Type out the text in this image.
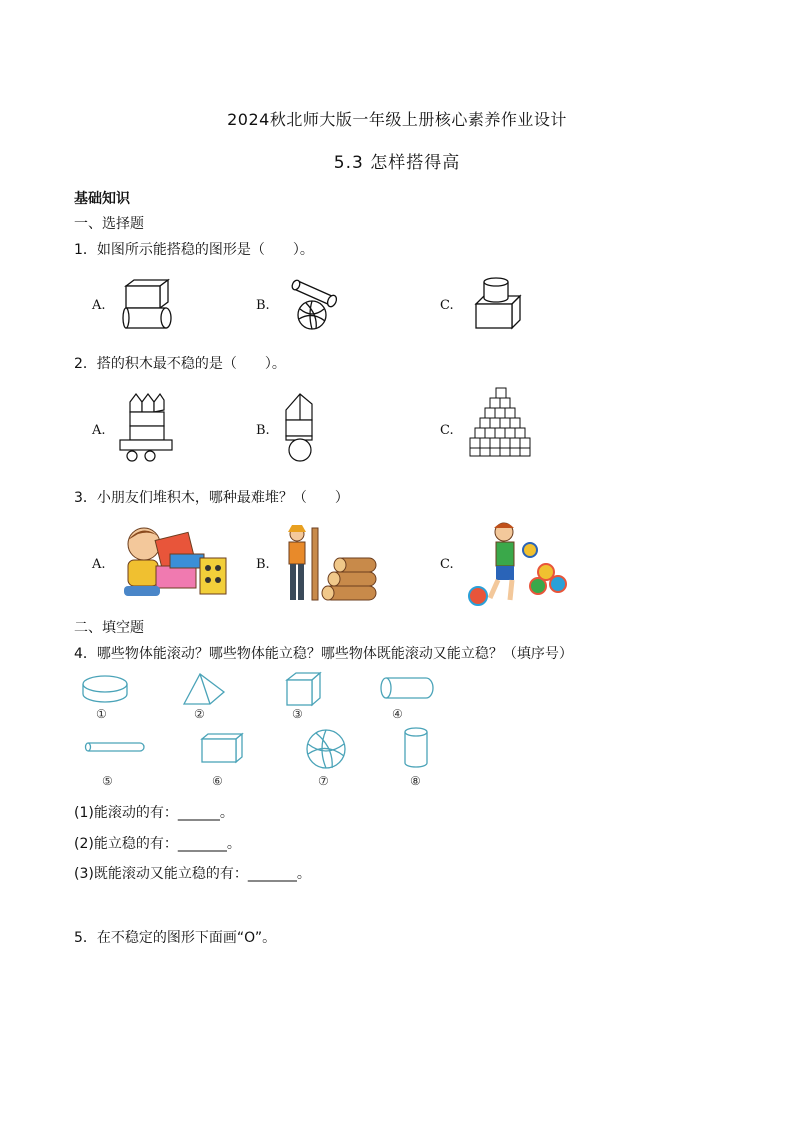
2024秋北师大版一年级上册核心素养作业设计
5.3 怎样搭得高
基础知识
一、选择题
1．如图所示能搭稳的图形是（　　）。
A.	B.	C.
2．搭的积木最不稳的是（　　）。
A.	B.	C.
3．小朋友们堆积木，哪种最难堆？（　　）
A.	B.	C.
二、填空题
4．哪些物体能滚动？哪些物体能立稳？哪些物体既能滚动又能立稳？（填序号）
①	②	③	④
⑤	⑥	⑦	⑧
(1)能滚动的有：______。
(2)能立稳的有：_______。
(3)既能滚动又能立稳的有：_______。
5．在不稳定的图形下面画“O”。
